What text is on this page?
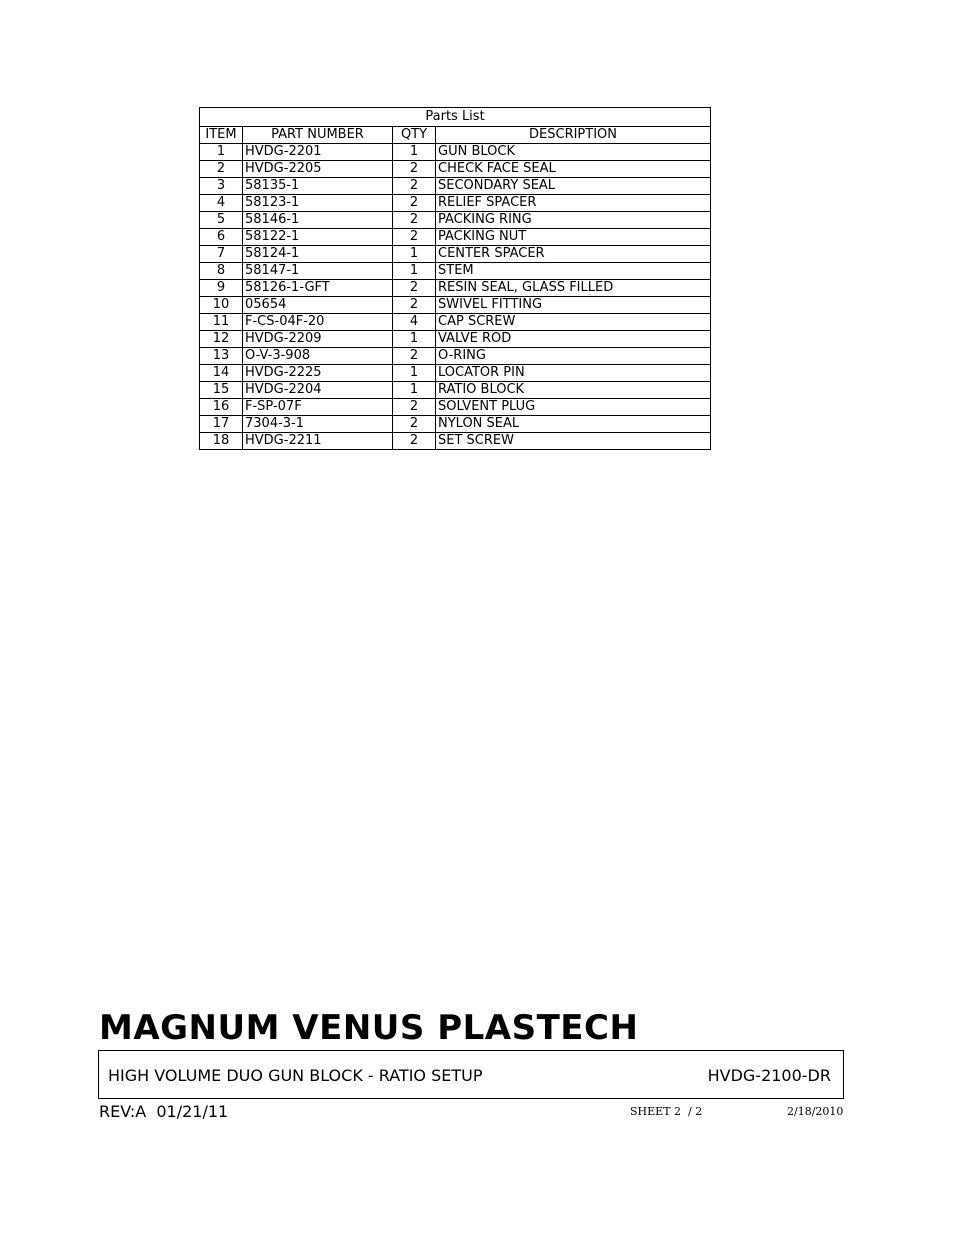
Parts List			
ITEM	PART NUMBER	QTY	DESCRIPTION
1	HVDG-2201	1	GUN BLOCK
2	HVDG-2205	2	CHECK FACE SEAL
3	58135-1	2	SECONDARY SEAL
4	58123-1	2	RELIEF SPACER
5	58146-1	2	PACKING RING
6	58122-1	2	PACKING NUT
7	58124-1	1	CENTER SPACER
8	58147-1	1	STEM
9	58126-1-GFT	2	RESIN SEAL, GLASS FILLED
10	05654	2	SWIVEL FITTING
11	F-CS-04F-20	4	CAP SCREW
12	HVDG-2209	1	VALVE ROD
13	O-V-3-908	2	O-RING
14	HVDG-2225	1	LOCATOR PIN
15	HVDG-2204	1	RATIO BLOCK
16	F-SP-07F	2	SOLVENT PLUG
17	7304-3-1	2	NYLON SEAL
18	HVDG-2211	2	SET SCREW
MAGNUM VENUS PLASTECH
HIGH VOLUME DUO GUN BLOCK - RATIO SETUP	HVDG-2100-DR
REV:A  01/21/11	SHEET 2  / 2	2/18/2010
